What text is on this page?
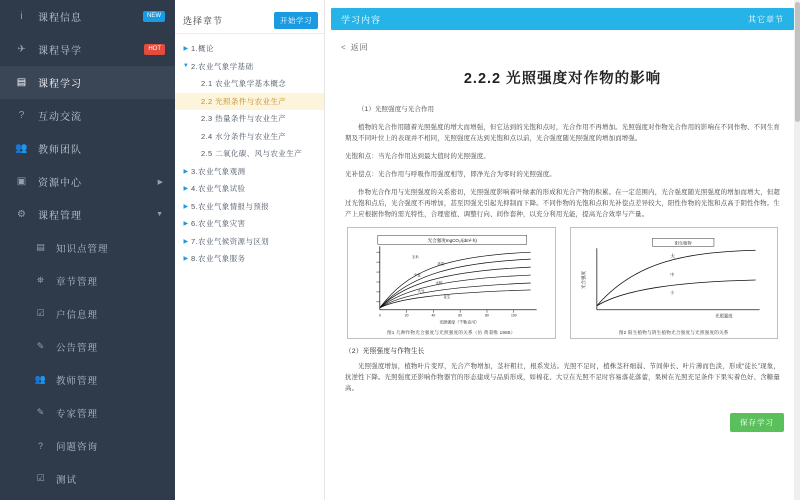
i	课程信息	NEW
✈	课程导学	HOT
▤ 课程学习
?	互动交流
👥 教师团队
▣ 资源中心	▶
⚙	课程管理	▼
▤ 知识点管理
⛯	章节管理
☑ 户信息理
✎ 公告管理
👥 教师管理
✎ 专家管理
?	问题咨询
☑ 测试
选择章节	开始学习
▶ 1.概论
▼ 2.农业气象学基础
2.1 农业气象学基本概念
2.2 光照条件与农业生产
2.3 热量条件与农业生产
2.4 水分条件与农业生产
2.5 二氧化碳、风与农业生产
▶ 3.农业气象观测
▶ 4.农业气象试验
▶ 5.农业气象情报与预报
▶ 6.农业气象灾害
▶ 7.农业气候资源与区划
▶ 8.农业气象服务
学习内容	其它章节
< 返回
2.2.2 光照强度对作物的影响
（1）光照强度与光合作用
植物的光合作用随着光照强度的增大而增强，但它达到的光饱和点时，光合作用不再增加。光照强度对作物光合作用的影响在不同作物、不同生育期及不同叶位上的表现并不相同，光照强度在达到光饱和点以前，光合强度随光照强度的增加而增强。
光饱和点：当光合作用达到最大值时的光照强度。
光补偿点：光合作用与呼吸作用强度相等，即净光合为零时的光照强度。
作物光合作用与光照强度的关系密切，光照强度影响着叶绿素的形成和光合产物的积累。在一定范围内，光合强度随光照强度的增加而增大，但超过光饱和点后，光合强度不再增加，甚至因强光引起光抑制而下降。不同作物的光饱和点和光补偿点差异较大，阳性作物的光饱和点高于阴性作物。生产上应根据作物的需光特性，合理密植、调整行向、间作套种，以充分利用光能，提高光合效率与产量。
光合强度mgCO₂/(dm²·h)
0	20	40	60	80	100
玉米
高粱
小麦
水稻
大豆
花生
光照强度（千勒克司）
图1 几种作物光合强度与光照强度的关系（仿 黄秉维 1985）
光合强度
阳生植物
大
中
小
光照强度
图2 阳生植物与阴生植物光合强度与光照强度的关系
（2）光照强度与作物生长
光照强度增加，植物叶片变厚，光合产物增加，茎秆粗壮，根系发达。光照不足时，植株茎秆细弱、节间伸长、叶片薄而色淡，形成“徒长”现象，抗逆性下降。光照强度还影响作物器官的形态建成与品质形成，如棉花、大豆在光照不足时容易落花落蕾，果树在光照充足条件下果实着色好、含糖量高。
保存学习
